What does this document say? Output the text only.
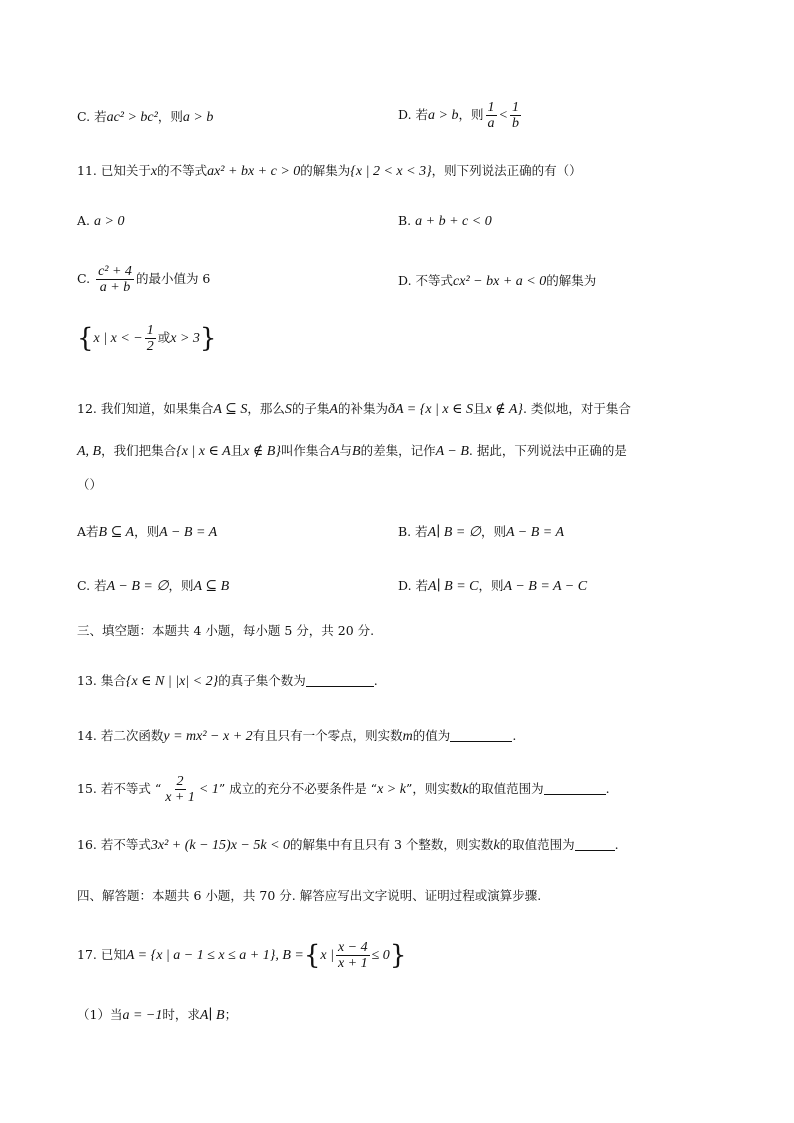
C. 若ac² > bc²，则a > b	D. 若a > b，则 $\frac{1}{a} < \frac{1}{b}$
11. 已知关于x的不等式ax² + bx + c > 0的解集为{x | 2 < x < 3}，则下列说法正确的有（）
A. a > 0	B. a + b + c < 0
C. $\frac{\text{c² + 4}}{a + b}$ 的最小值为 6	D. 不等式cx² − bx + a < 0的解集为
{x | x < − $\frac{1}{2}$ 或x > 3}
12. 我们知道，如果集合A ⊆ S，那么S的子集A的补集为ðA = {x | x ∈ S且x ∉ A}. 类似地，对于集合
A, B，我们把集合{x | x ∈ A且x ∉ B}叫作集合A与B的差集，记作A − B. 据此，下列说法中正确的是
（）
A若B ⊆ A，则A − B = A	B. 若A∣ B = ∅，则A − B = A
C. 若A − B = ∅，则A ⊆ B	D. 若A∣ B = C，则A − B = A − C
三、填空题：本题共 4 小题，每小题 5 分，共 20 分.
13. 集合{x ∈ N | |x| < 2}的真子集个数为	.
14. 若二次函数y = mx² − x + 2有且只有一个零点，则实数m的值为	.
15. 若不等式 “ $\frac{2}{x + 1} < 1$” 成立的充分不必要条件是 “x > k”，则实数k的取值范围为	.
16. 若不等式3x² + (k − 15)x − 5k < 0的解集中有且只有 3 个整数，则实数k的取值范围为	.
四、解答题：本题共 6 小题，共 70 分. 解答应写出文字说明、证明过程或演算步骤.
17. 已知A = {x | a − 1 ≤ x ≤ a + 1}, B ={x | $\frac{x - 4}{x + 1} \le 0$}
（1）当a = −1时，求A∣ B；
